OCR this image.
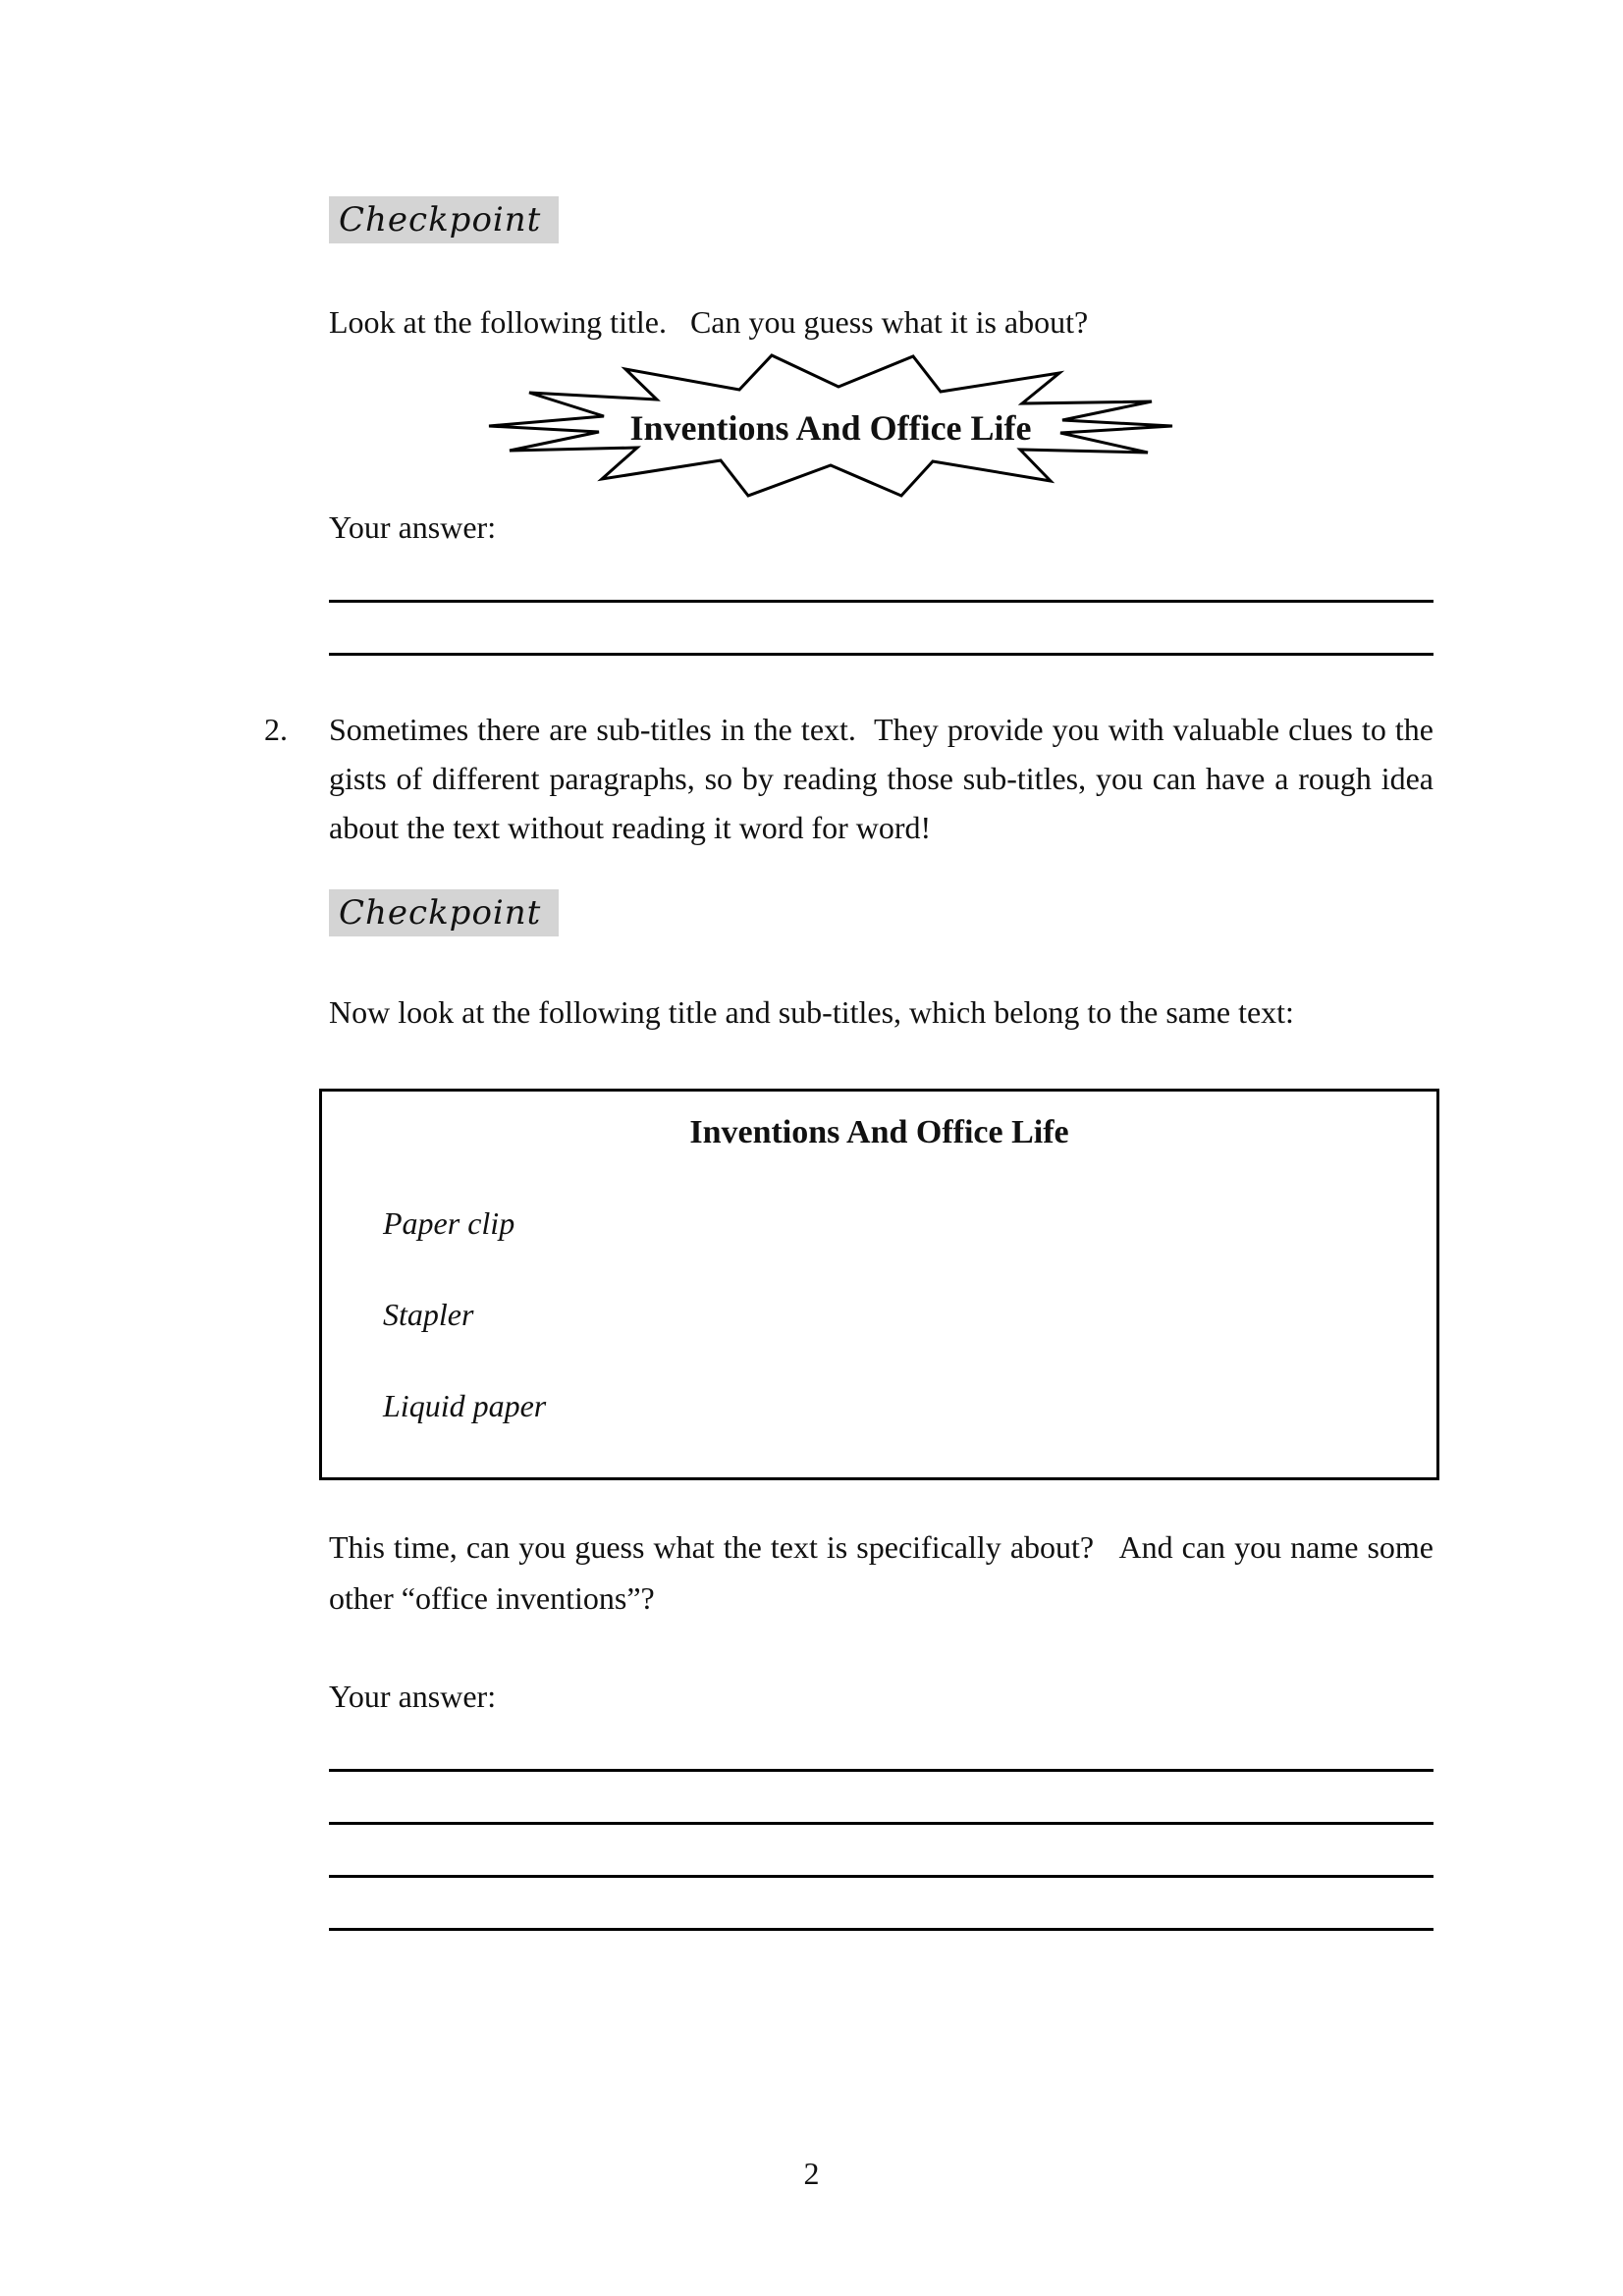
Checkpoint
Look at the following title.   Can you guess what it is about?
Inventions And Office Life
Your answer:
2. Sometimes there are sub-titles in the text.  They provide you with valuable clues to the gists of different paragraphs, so by reading those sub-titles, you can have a rough idea about the text without reading it word for word!
Checkpoint
Now look at the following title and sub-titles, which belong to the same text:
Inventions And Office Life
Paper clip
Stapler
Liquid paper
This time, can you guess what the text is specifically about?   And can you name some other “office inventions”?
Your answer:
2
